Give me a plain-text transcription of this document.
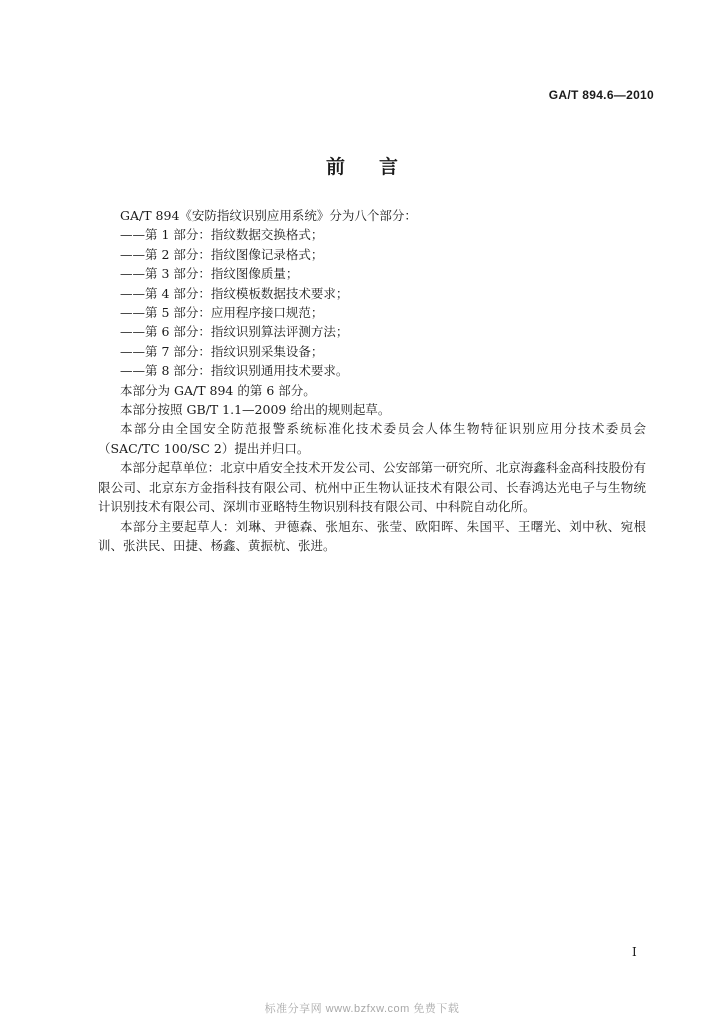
GA/T 894.6—2010
前言

GA/T 894《安防指纹识别应用系统》分为八个部分：

——第 1 部分：指纹数据交换格式；
——第 2 部分：指纹图像记录格式；
——第 3 部分：指纹图像质量；
——第 4 部分：指纹模板数据技术要求；
——第 5 部分：应用程序接口规范；
——第 6 部分：指纹识别算法评测方法；
——第 7 部分：指纹识别采集设备；
——第 8 部分：指纹识别通用技术要求。

本部分为 GA/T 894 的第 6 部分。

本部分按照 GB/T 1.1—2009 给出的规则起草。

本部分由全国安全防范报警系统标准化技术委员会人体生物特征识别应用分技术委员会（SAC/TC 100/SC 2）提出并归口。

本部分起草单位：北京中盾安全技术开发公司、公安部第一研究所、北京海鑫科金高科技股份有限公司、北京东方金指科技有限公司、杭州中正生物认证技术有限公司、长春鸿达光电子与生物统计识别技术有限公司、深圳市亚略特生物识别科技有限公司、中科院自动化所。

本部分主要起草人：刘琳、尹德森、张旭东、张莹、欧阳晖、朱国平、王曙光、刘中秋、宛根训、张洪民、田捷、杨鑫、黄振杭、张进。

I
标准分享网 www.bzfxw.com 免费下载
